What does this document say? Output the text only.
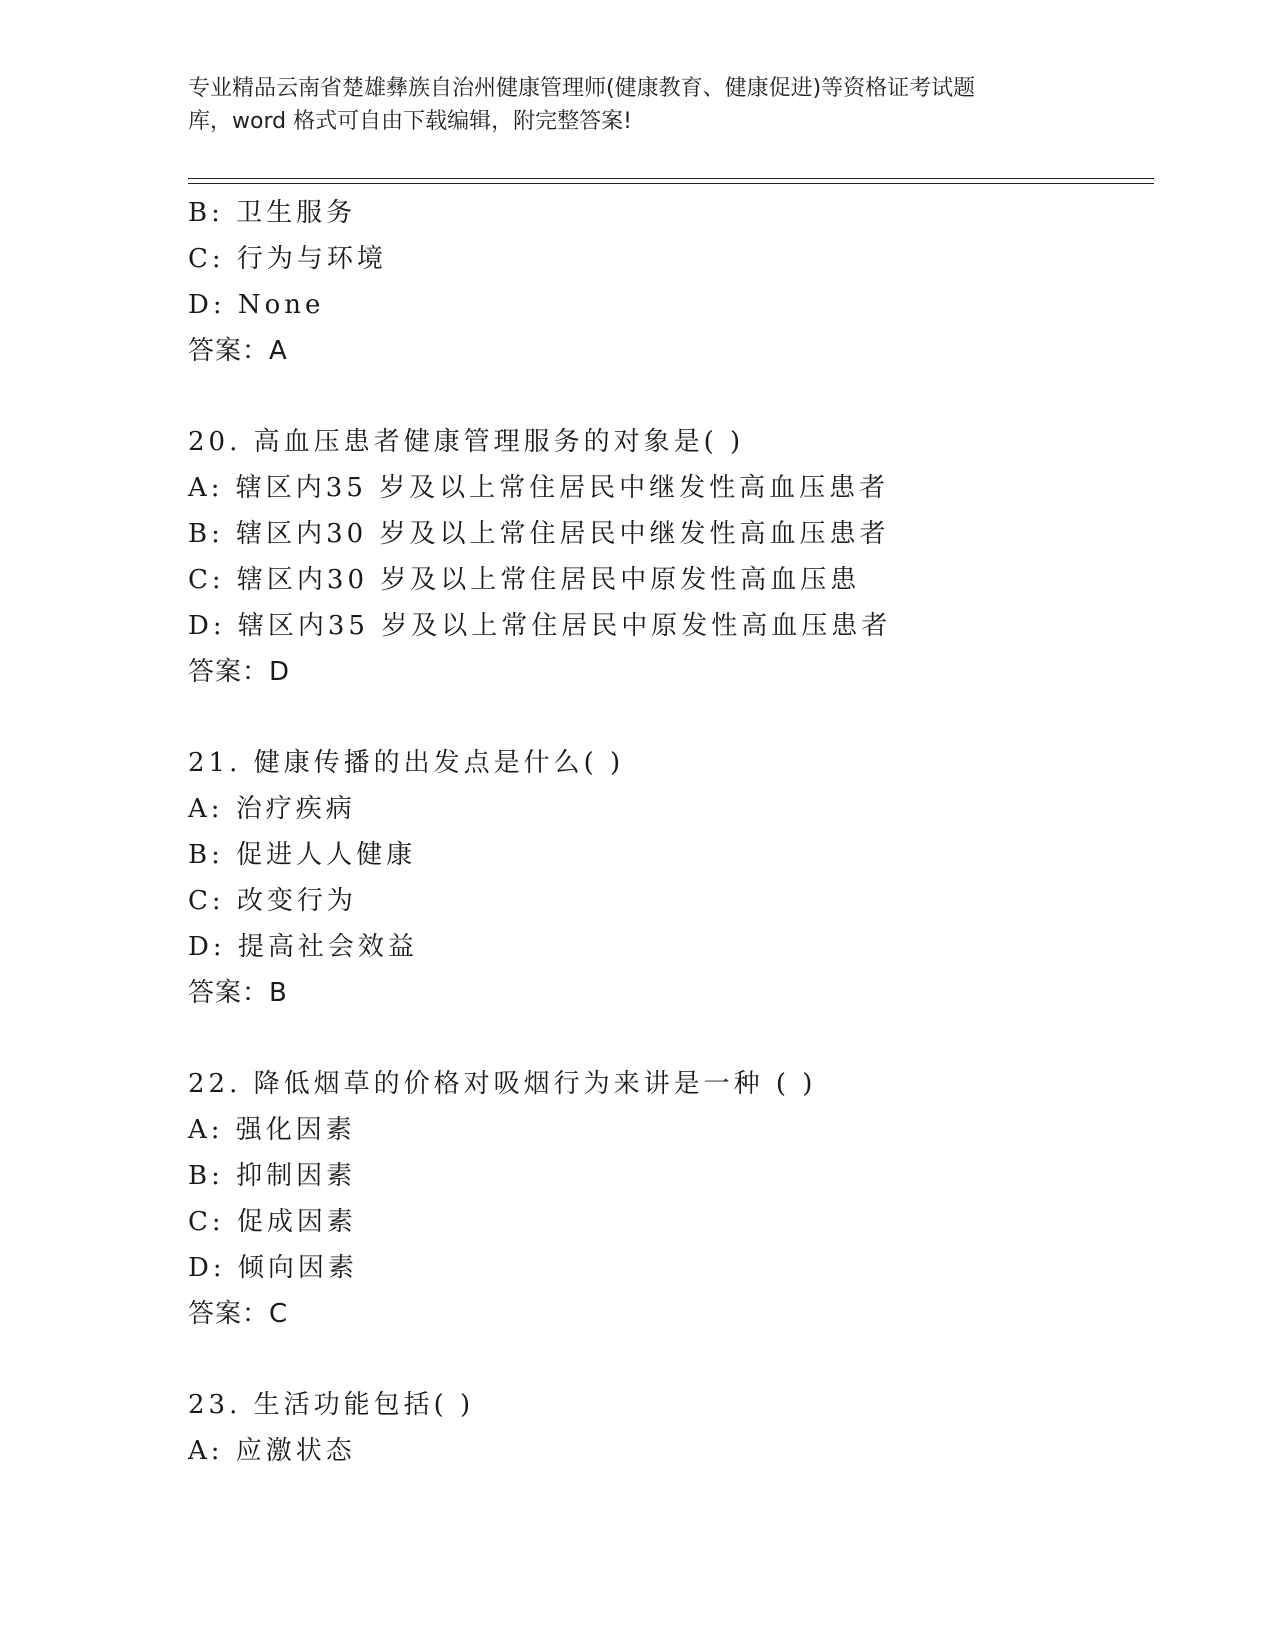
专业精品云南省楚雄彝族自治州健康管理师(健康教育、健康促进)等资格证考试题
库，word 格式可自由下载编辑，附完整答案!
B: 卫生服务
C: 行为与环境
D: None
答案：A
20. 高血压患者健康管理服务的对象是( )
A: 辖区内35 岁及以上常住居民中继发性高血压患者
B: 辖区内30 岁及以上常住居民中继发性高血压患者
C: 辖区内30 岁及以上常住居民中原发性高血压患
D: 辖区内35 岁及以上常住居民中原发性高血压患者
答案：D
21. 健康传播的出发点是什么( )
A: 治疗疾病
B: 促进人人健康
C: 改变行为
D: 提高社会效益
答案：B
22. 降低烟草的价格对吸烟行为来讲是一种 ( )
A: 强化因素
B: 抑制因素
C: 促成因素
D: 倾向因素
答案：C
23. 生活功能包括( )
A: 应激状态
